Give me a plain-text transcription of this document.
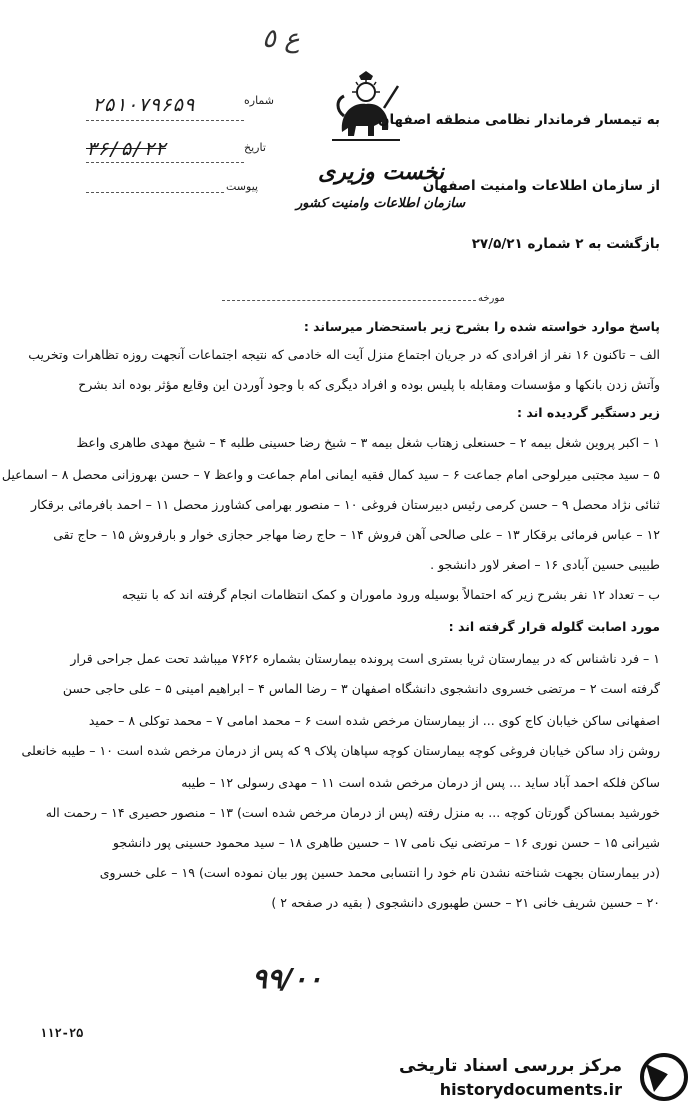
ع ٥
شماره
۲۵۱۰۷۹۶۵۹
تاریخ
۳۶/۵/۲۲
پیوست
نخست وزیری
سازمان اطلاعات وامنیت کشور
به تیمسار فرماندار نظامی منطقه اصفهان
از سازمان اطلاعات وامنیت اصفهان
بازگشت به ۲ شماره ۲۷/۵/۲۱
مورخه
پاسخ موارد خواسته شده را بشرح زیر باستحضار میرساند :
الف – تاکنون ۱۶ نفر از افرادی که در جریان اجتماع منزل آیت اله خادمی که نتیجه اجتماعات آنجهت روزه تظاهرات وتخریب
وآتش زدن بانکها و مؤسسات ومقابله با پلیس بوده و افراد دیگری که با وجود آوردن این وقایع مؤثر بوده اند بشرح
زیر دستگیر گردیده اند :
۱ – اکبر پروین شغل بیمه ۲ – حسنعلی زهتاب شغل بیمه ۳ – شیخ رضا حسینی طلبه ۴ – شیخ مهدی طاهری واعظ
۵ – سید مجتبی میرلوحی امام جماعت ۶ – سید کمال فقیه ایمانی امام جماعت و واعظ ۷ – حسن بهروزانی محصل ۸ – اسماعیل
ثنائی نژاد محصل ۹ – حسن کرمی رئیس دبیرستان فروغی ۱۰ – منصور بهرامی کشاورز محصل ۱۱ – احمد بافرمائی برقکار
۱۲ – عباس فرمائی برقکار ۱۳ – علی صالحی آهن فروش ۱۴ – حاج رضا مهاجر حجازی خوار و بارفروش ۱۵ – حاج تقی
طبیبی حسین آبادی ۱۶ – اصغر لاور دانشجو .
ب – تعداد ۱۲ نفر بشرح زیر که احتمالاً بوسیله ورود ماموران و کمک انتظامات انجام گرفته اند که با نتیجه
مورد اصابت گلوله قرار گرفته اند :
۱ – فرد ناشناس که در بیمارستان ثریا بستری است پرونده بیمارستان بشماره ۷۶۲۶ میباشد تحت عمل جراحی قرار
گرفته است ۲ – مرتضی خسروی دانشجوی دانشگاه اصفهان ۳ – رضا الماس ۴ – ابراهیم امینی ۵ – علی حاجی حسن
اصفهانی ساکن خیابان کاج کوی ... از بیمارستان مرخص شده است ۶ – محمد امامی ۷ – محمد توکلی ۸ – حمید
روشن زاد ساکن خیابان فروغی کوچه بیمارستان کوچه سپاهان پلاک ۹ که پس از درمان مرخص شده است ۱۰ – طیبه خانعلی
ساکن فلکه احمد آباد ساید ... پس از درمان مرخص شده است ۱۱ – مهدی رسولی ۱۲ – طیبه
خورشید بمساکن گورتان کوچه ... به منزل رفته (پس از درمان مرخص شده است) ۱۳ – منصور حصیری ۱۴ – رحمت اله
شیرانی ۱۵ – حسن نوری ۱۶ – مرتضی نیک نامی ۱۷ – حسین طاهری ۱۸ – سید محمود حسینی پور دانشجو
(در بیمارستان بجهت شناخته نشدن نام خود را انتسابی محمد حسین پور بیان نموده است) ۱۹ – علی خسروی
۲۰ – حسین شریف خانی ۲۱ – حسن طهبوری دانشجوی ( بقیه در صفحه ۲ )
۹۹/۰۰
۱۱۲-۲۵
مرکز بررسی اسناد تاریخی
historydocuments.ir
